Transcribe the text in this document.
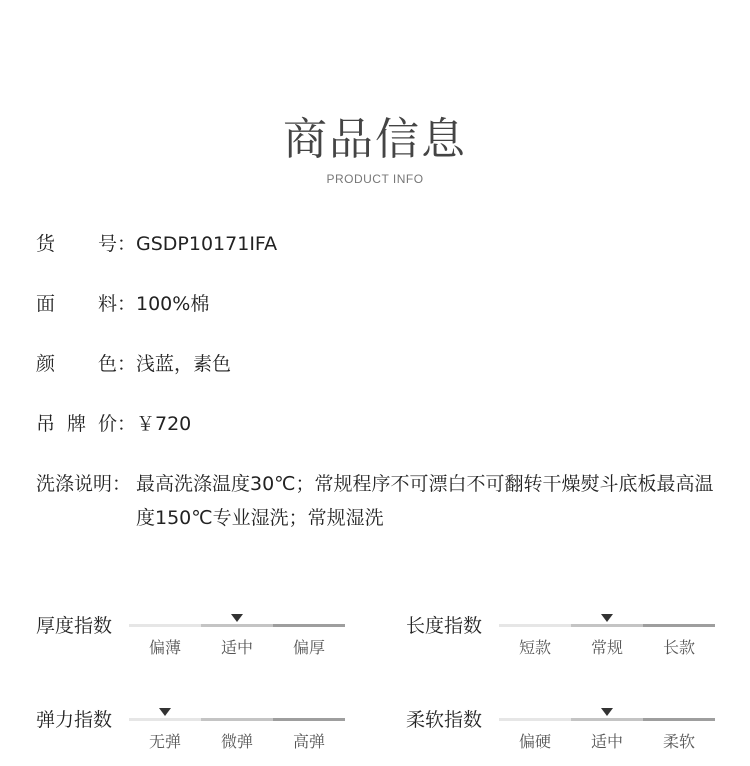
商品信息
PRODUCT INFO
货 号： GSDP10171IFA
面 料： 100%棉
颜 色： 浅蓝，素色
吊 牌 价： ￥720
洗涤说明： 最高洗涤温度30℃；常规程序不可漂白不可翻转干燥熨斗底板最高温度150℃专业湿洗；常规湿洗
厚度指数
偏薄	适中	偏厚
长度指数
短款	常规	长款
弹力指数
无弹	微弹	高弹
柔软指数
偏硬	适中	柔软
